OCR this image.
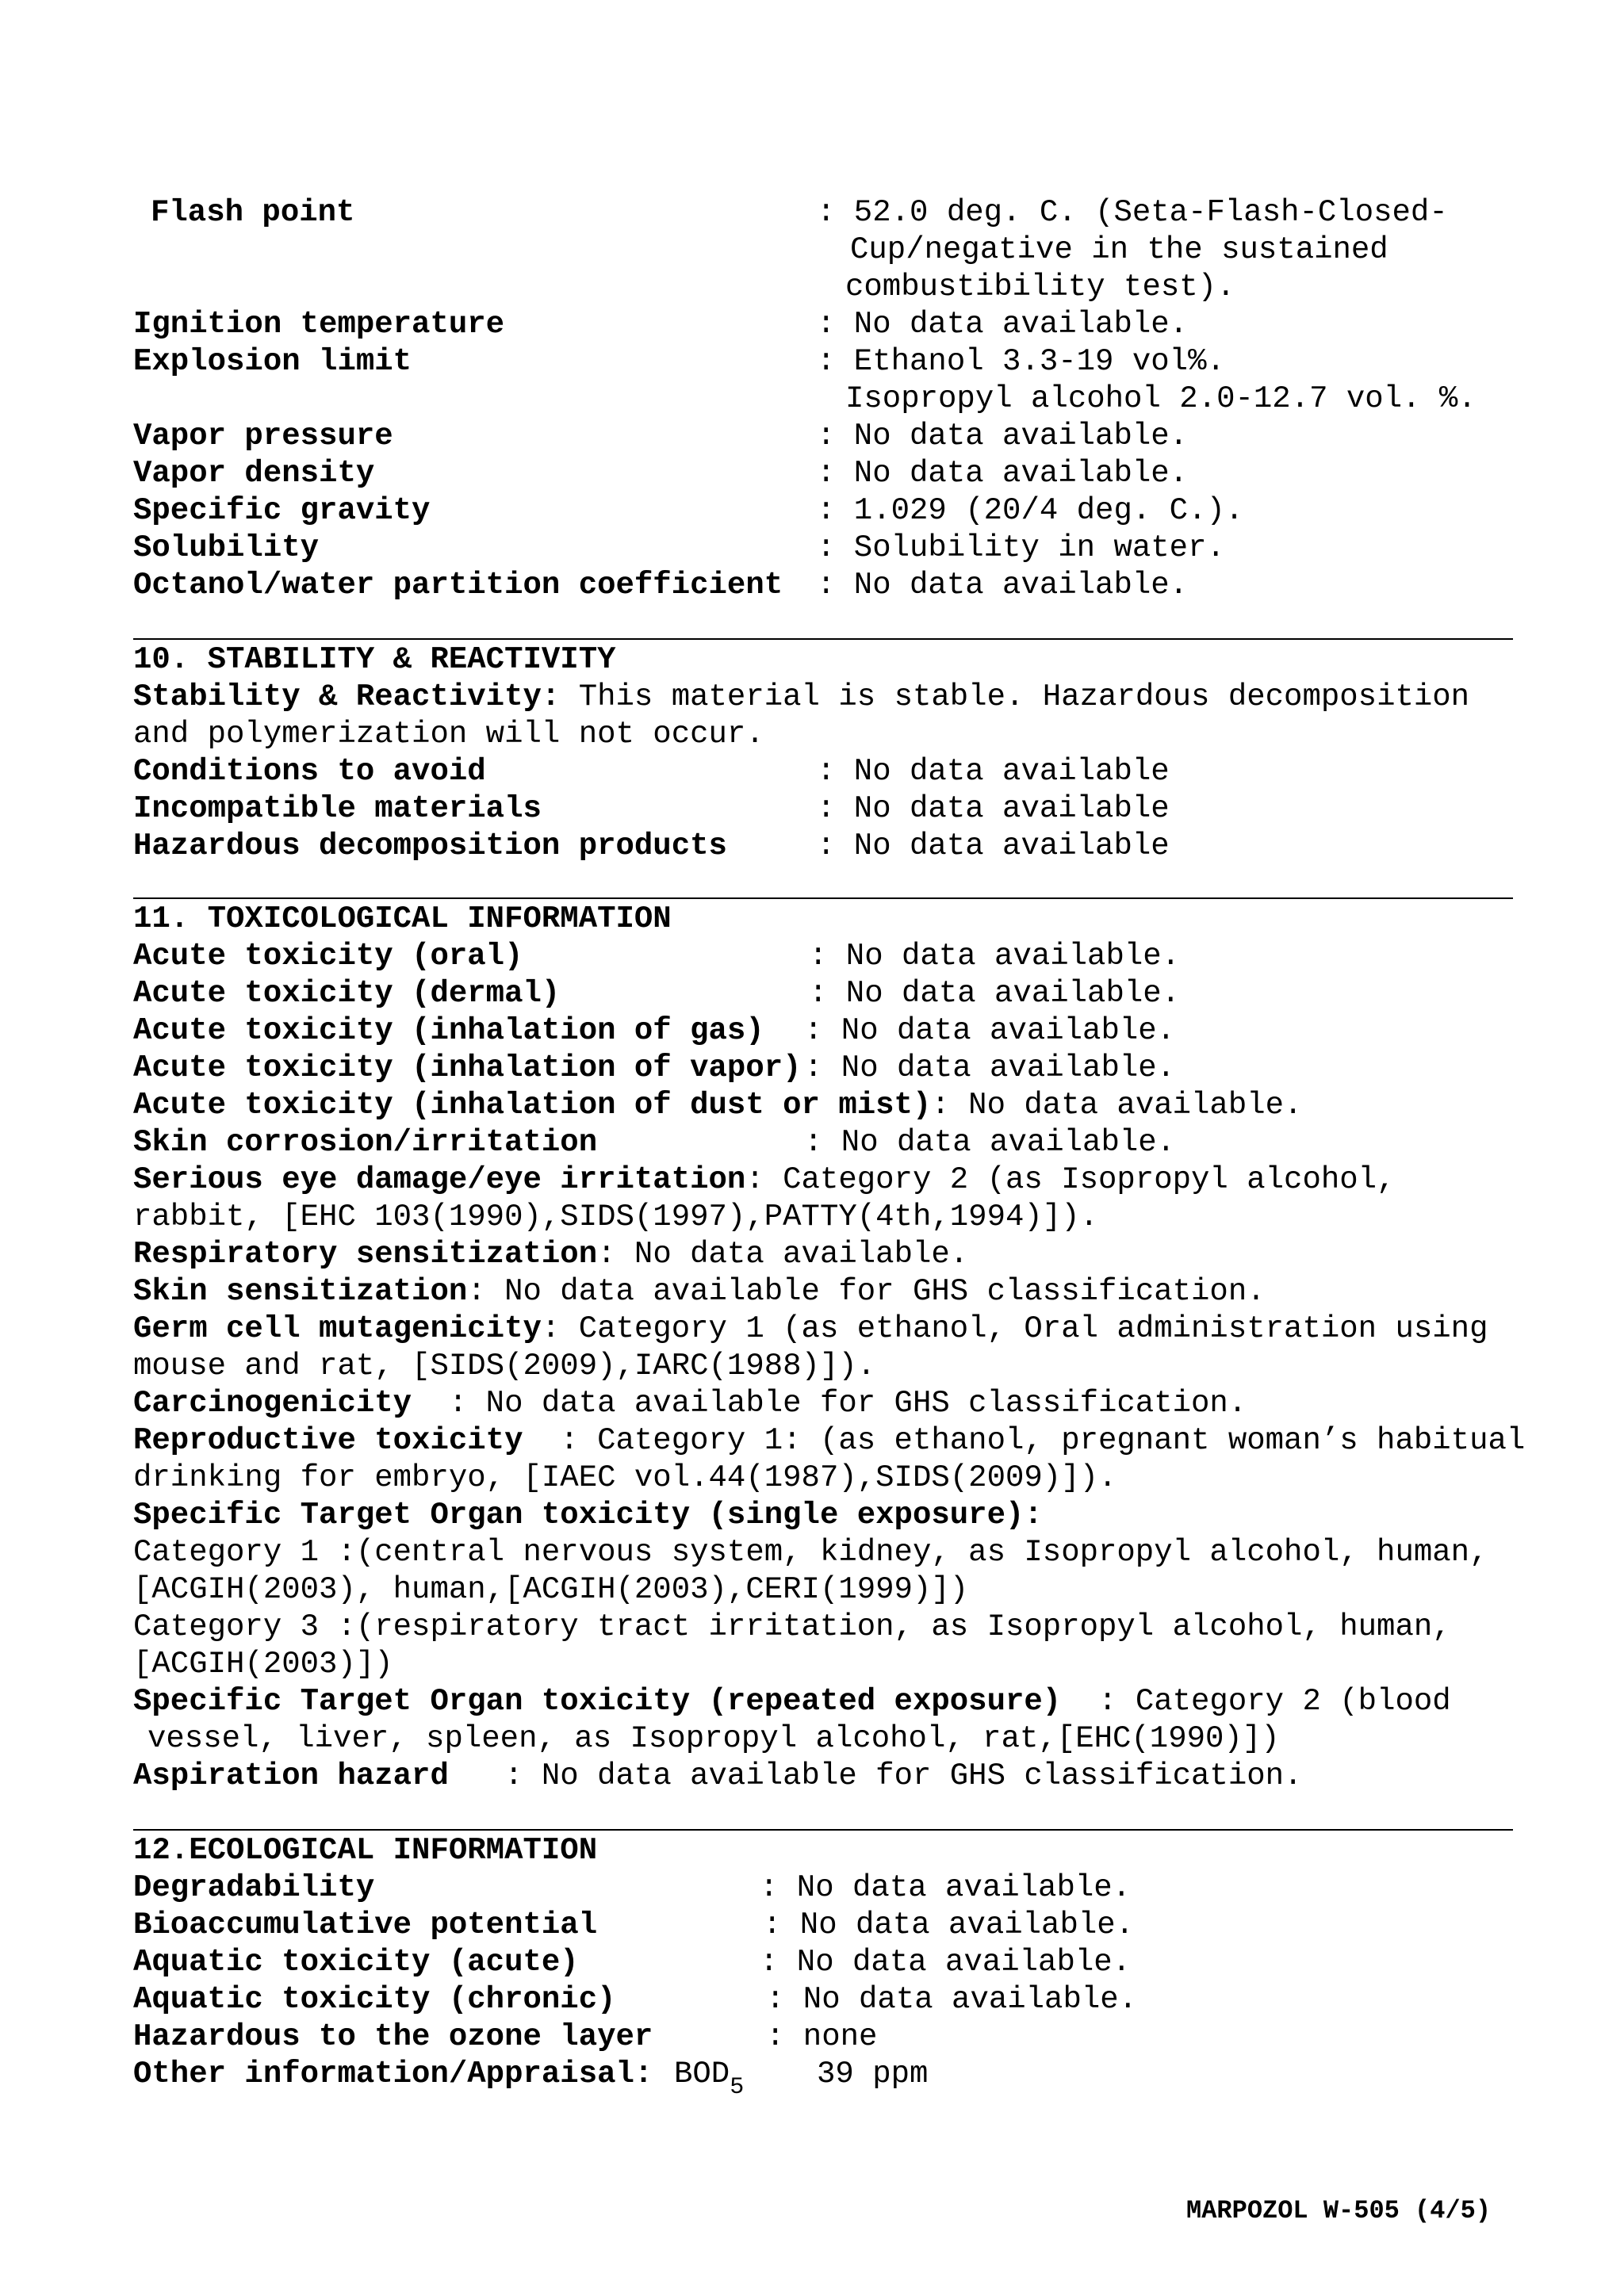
Flash point	: 52.0 deg. C. (Seta-Flash-Closed-
Cup/negative in the sustained
combustibility test).
Ignition temperature	: No data available.
Explosion limit	: Ethanol 3.3-19 vol%.
Isopropyl alcohol 2.0-12.7 vol. %.
Vapor pressure	: No data available.
Vapor density	: No data available.
Specific gravity	: 1.029 (20/4 deg. C.).
Solubility	: Solubility in water.
Octanol/water partition coefficient : No data available.
10. STABILITY & REACTIVITY
Stability & Reactivity: This material is stable. Hazardous decomposition
and polymerization will not occur.
Conditions to avoid	: No data available
Incompatible materials	: No data available
Hazardous decomposition products	: No data available
11. TOXICOLOGICAL INFORMATION
Acute toxicity (oral)	: No data available.
Acute toxicity (dermal)	: No data available.
Acute toxicity (inhalation of gas) : No data available.
Acute toxicity (inhalation of vapor) : No data available.
Acute toxicity (inhalation of dust or mist): No data available.
Skin corrosion/irritation	: No data available.
Serious eye damage/eye irritation: Category 2 (as Isopropyl alcohol,
rabbit, [EHC 103(1990),SIDS(1997),PATTY(4th,1994)]).
Respiratory sensitization: No data available.
Skin sensitization: No data available for GHS classification.
Germ cell mutagenicity: Category 1 (as ethanol, Oral administration using
mouse and rat, [SIDS(2009),IARC(1988)]).
Carcinogenicity  : No data available for GHS classification.
Reproductive toxicity  : Category 1: (as ethanol, pregnant woman’s habitual
drinking for embryo, [IAEC vol.44(1987),SIDS(2009)]).
Specific Target Organ toxicity (single exposure):
Category 1 :(central nervous system, kidney, as Isopropyl alcohol, human,
[ACGIH(2003), human,[ACGIH(2003),CERI(1999)])
Category 3 :(respiratory tract irritation, as Isopropyl alcohol, human,
[ACGIH(2003)])
Specific Target Organ toxicity (repeated exposure)  : Category 2 (blood
vessel, liver, spleen, as Isopropyl alcohol, rat,[EHC(1990)])
Aspiration hazard   : No data available for GHS classification.
12.ECOLOGICAL INFORMATION
Degradability	: No data available.
Bioaccumulative potential	: No data available.
Aquatic toxicity (acute)	: No data available.
Aquatic toxicity (chronic)	: No data available.
Hazardous to the ozone layer	: none
Other information/Appraisal: $BOD_5$ 39 ppm
MARPOZOL W-505 (4/5)
